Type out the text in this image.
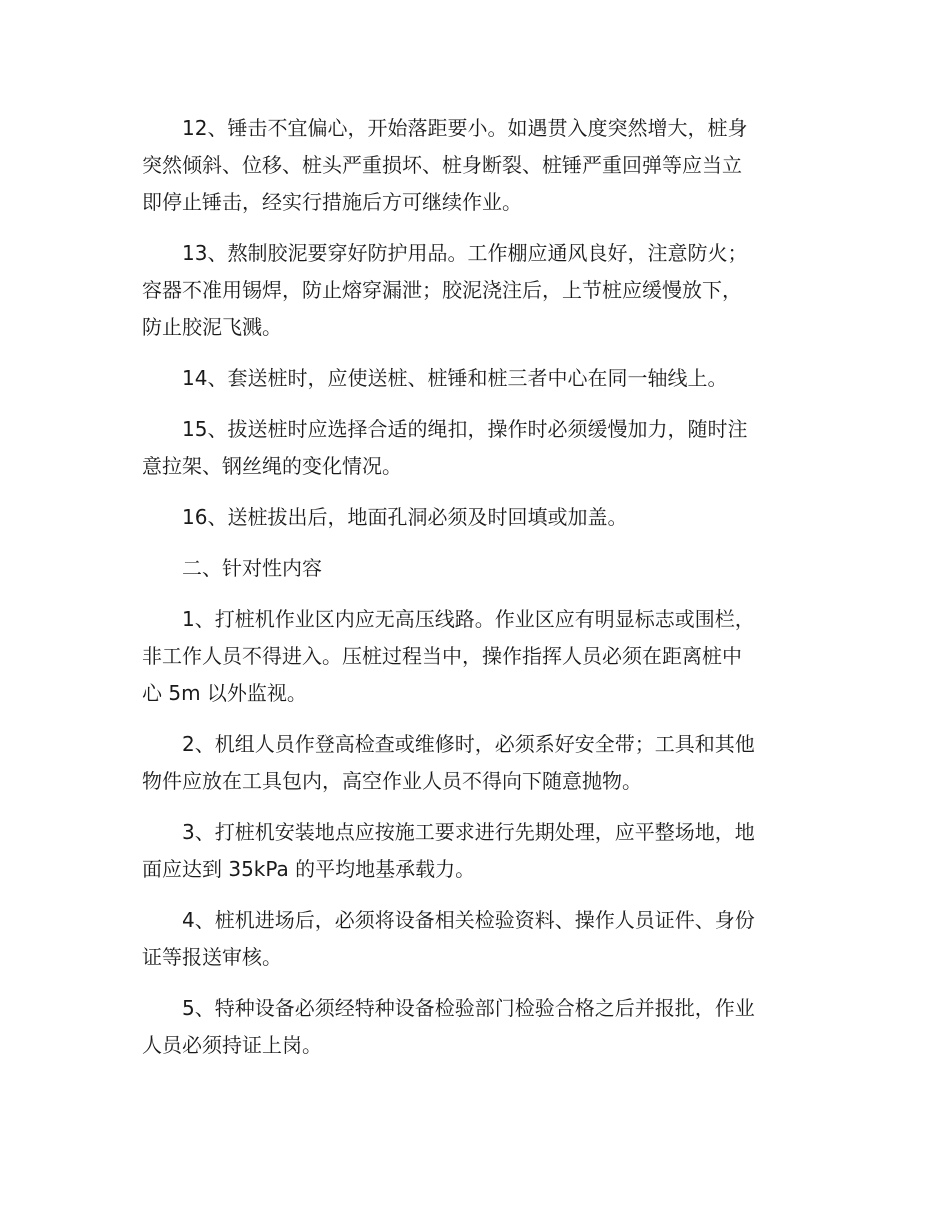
12、锤击不宜偏心，开始落距要小。如遇贯入度突然增大，桩身
突然倾斜、位移、桩头严重损坏、桩身断裂、桩锤严重回弹等应当立
即停止锤击，经实行措施后方可继续作业。
13、熬制胶泥要穿好防护用品。工作棚应通风良好，注意防火；
容器不准用锡焊，防止熔穿漏泄；胶泥浇注后，上节桩应缓慢放下，
防止胶泥飞溅。
14、套送桩时，应使送桩、桩锤和桩三者中心在同一轴线上。
15、拔送桩时应选择合适的绳扣，操作时必须缓慢加力，随时注
意拉架、钢丝绳的变化情况。
16、送桩拔出后，地面孔洞必须及时回填或加盖。
二、针对性内容
1、打桩机作业区内应无高压线路。作业区应有明显标志或围栏，
非工作人员不得进入。压桩过程当中，操作指挥人员必须在距离桩中
心 5m 以外监视。
2、机组人员作登高检查或维修时，必须系好安全带；工具和其他
物件应放在工具包内，高空作业人员不得向下随意抛物。
3、打桩机安装地点应按施工要求进行先期处理，应平整场地，地
面应达到 35kPa 的平均地基承载力。
4、桩机进场后，必须将设备相关检验资料、操作人员证件、身份
证等报送审核。
5、特种设备必须经特种设备检验部门检验合格之后并报批，作业
人员必须持证上岗。
